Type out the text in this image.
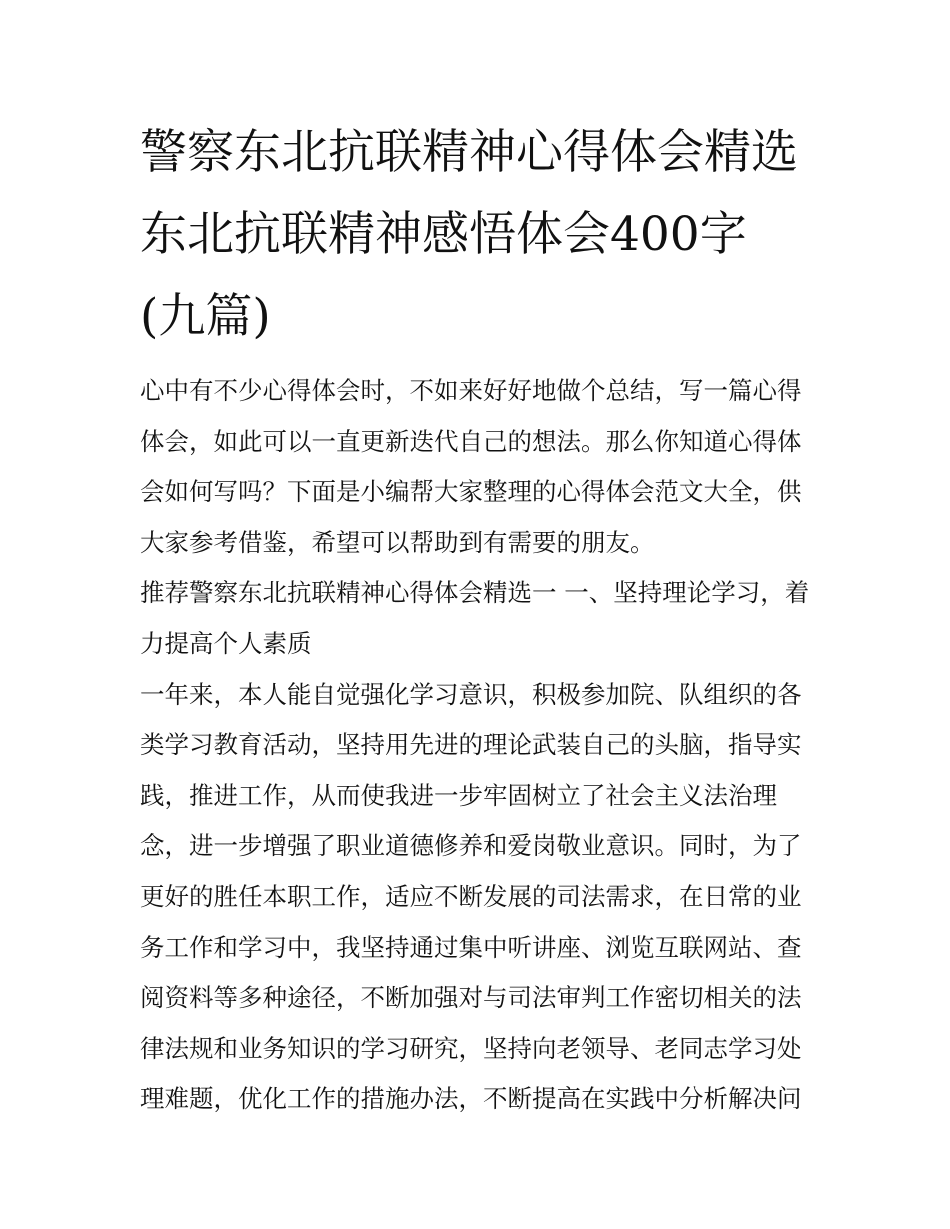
警察东北抗联精神心得体会精选 东北抗联精神感悟体会400字(九篇)

心中有不少心得体会时，不如来好好地做个总结，写一篇心得体会，如此可以一直更新迭代自己的想法。那么你知道心得体会如何写吗？下面是小编帮大家整理的心得体会范文大全，供大家参考借鉴，希望可以帮助到有需要的朋友。

推荐警察东北抗联精神心得体会精选一 一、坚持理论学习，着力提高个人素质

一年来，本人能自觉强化学习意识，积极参加院、队组织的各类学习教育活动，坚持用先进的理论武装自己的头脑，指导实践，推进工作，从而使我进一步牢固树立了社会主义法治理念，进一步增强了职业道德修养和爱岗敬业意识。同时，为了更好的胜任本职工作，适应不断发展的司法需求，在日常的业务工作和学习中，我坚持通过集中听讲座、浏览互联网站、查阅资料等多种途径，不断加强对与司法审判工作密切相关的法律法规和业务知识的学习研究，坚持向老领导、老同志学习处理难题，优化工作的措施办法，不断提高在实践中分析解决问
